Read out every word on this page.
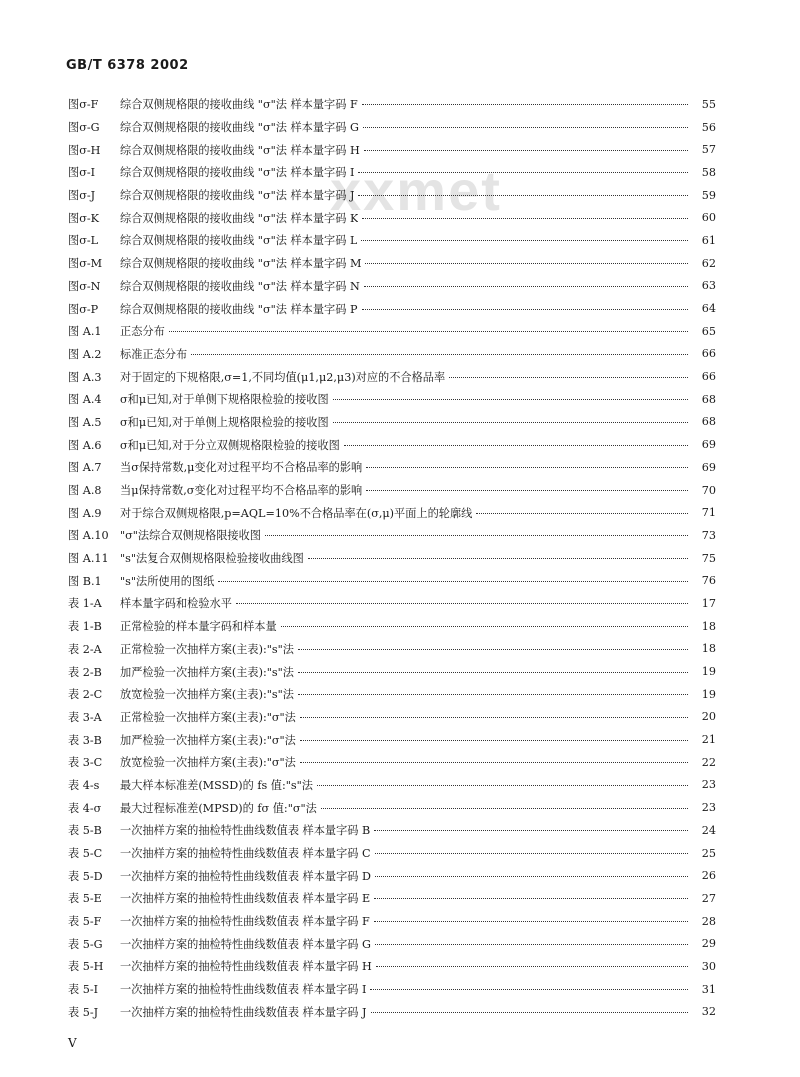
GB/T 6378 2002
xxmet
图σ-F	综合双侧规格限的接收曲线 "σ"法 样本量字码 F	55
图σ-G	综合双侧规格限的接收曲线 "σ"法 样本量字码 G	56
图σ-H	综合双侧规格限的接收曲线 "σ"法 样本量字码 H	57
图σ-I	综合双侧规格限的接收曲线 "σ"法 样本量字码 I	58
图σ-J	综合双侧规格限的接收曲线 "σ"法 样本量字码 J	59
图σ-K	综合双侧规格限的接收曲线 "σ"法 样本量字码 K	60
图σ-L	综合双侧规格限的接收曲线 "σ"法 样本量字码 L	61
图σ-M	综合双侧规格限的接收曲线 "σ"法 样本量字码 M	62
图σ-N	综合双侧规格限的接收曲线 "σ"法 样本量字码 N	63
图σ-P	综合双侧规格限的接收曲线 "σ"法 样本量字码 P	64
图 A.1	正态分布	65
图 A.2	标准正态分布	66
图 A.3	对于固定的下规格限,σ=1,不同均值(μ1,μ2,μ3)对应的不合格品率	66
图 A.4	σ和μ已知,对于单侧下规格限检验的接收图	68
图 A.5	σ和μ已知,对于单侧上规格限检验的接收图	68
图 A.6	σ和μ已知,对于分立双侧规格限检验的接收图	69
图 A.7	当σ保持常数,μ变化对过程平均不合格品率的影响	69
图 A.8	当μ保持常数,σ变化对过程平均不合格品率的影响	70
图 A.9	对于综合双侧规格限,p=AQL=10%不合格品率在(σ,μ)平面上的轮廓线	71
图 A.10	"σ"法综合双侧规格限接收图	73
图 A.11	"s"法复合双侧规格限检验接收曲线图	75
图 B.1	"s"法所使用的图纸	76
表 1-A	样本量字码和检验水平	17
表 1-B	正常检验的样本量字码和样本量	18
表 2-A	正常检验一次抽样方案(主表):"s"法	18
表 2-B	加严检验一次抽样方案(主表):"s"法	19
表 2-C	放宽检验一次抽样方案(主表):"s"法	19
表 3-A	正常检验一次抽样方案(主表):"σ"法	20
表 3-B	加严检验一次抽样方案(主表):"σ"法	21
表 3-C	放宽检验一次抽样方案(主表):"σ"法	22
表 4-s	最大样本标准差(MSSD)的 fs 值:"s"法	23
表 4-σ	最大过程标准差(MPSD)的 fσ 值:"σ"法	23
表 5-B	一次抽样方案的抽检特性曲线数值表 样本量字码 B	24
表 5-C	一次抽样方案的抽检特性曲线数值表 样本量字码 C	25
表 5-D	一次抽样方案的抽检特性曲线数值表 样本量字码 D	26
表 5-E	一次抽样方案的抽检特性曲线数值表 样本量字码 E	27
表 5-F	一次抽样方案的抽检特性曲线数值表 样本量字码 F	28
表 5-G	一次抽样方案的抽检特性曲线数值表 样本量字码 G	29
表 5-H	一次抽样方案的抽检特性曲线数值表 样本量字码 H	30
表 5-I	一次抽样方案的抽检特性曲线数值表 样本量字码 I	31
表 5-J	一次抽样方案的抽检特性曲线数值表 样本量字码 J	32
V
